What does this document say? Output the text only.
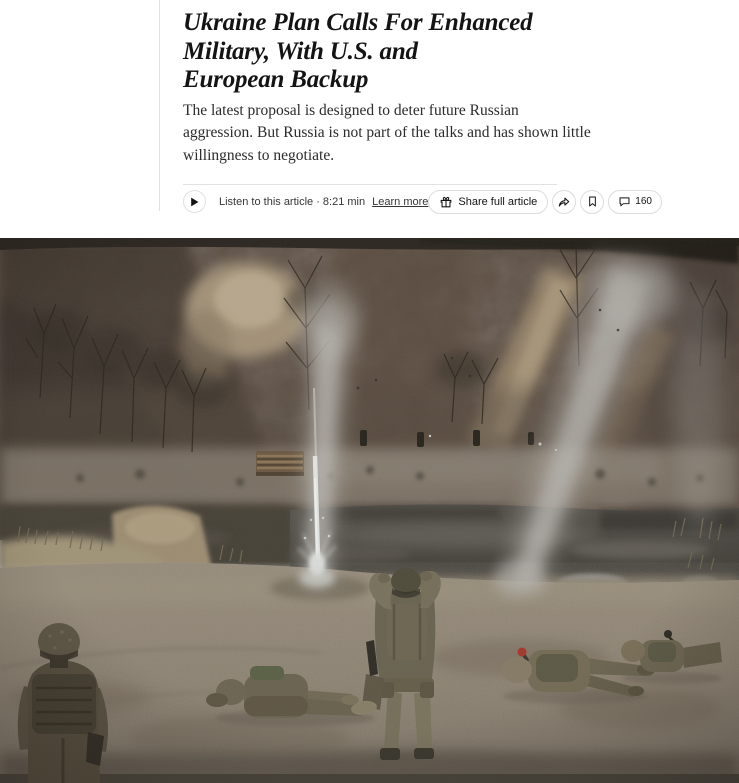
Ukraine Plan Calls For Enhanced
Military, With U.S. and
European Backup

The latest proposal is designed to deter future Russian
aggression. But Russia is not part of the talks and has shown little
willingness to negotiate.

Listen to this article · 8:21 min Learn more	Share full article	160
